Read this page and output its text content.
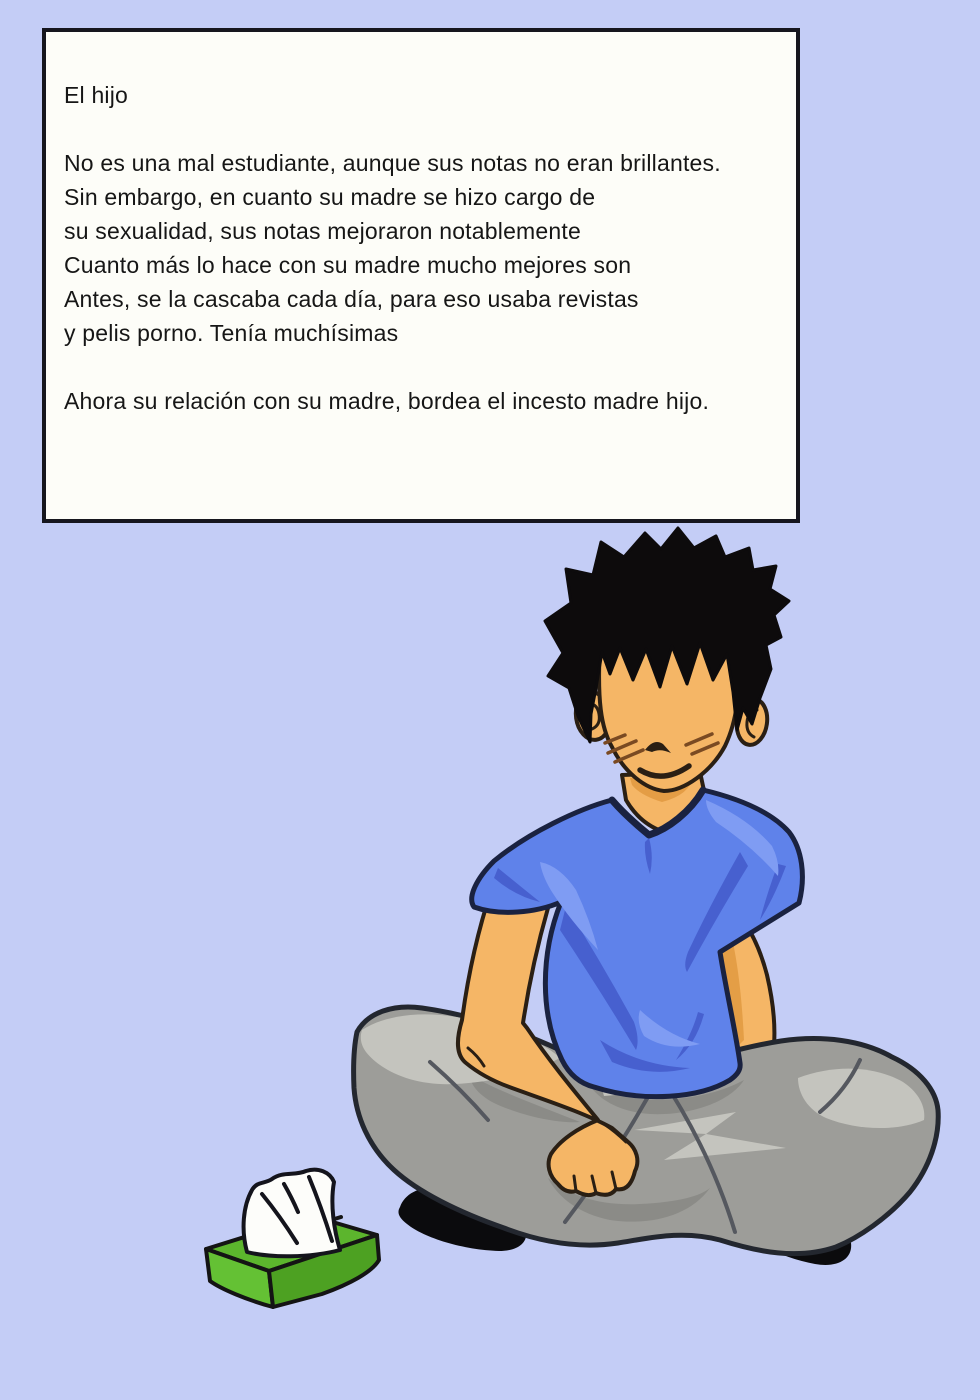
El hijo
No es una mal estudiante, aunque sus notas no eran brillantes.
Sin embargo, en cuanto su madre se hizo cargo de
su sexualidad, sus notas mejoraron notablemente
Cuanto más lo hace con su madre mucho mejores son
Antes, se la cascaba cada día, para eso usaba revistas
y pelis porno. Tenía muchísimas
Ahora su relación con su madre, bordea el incesto madre hijo.
